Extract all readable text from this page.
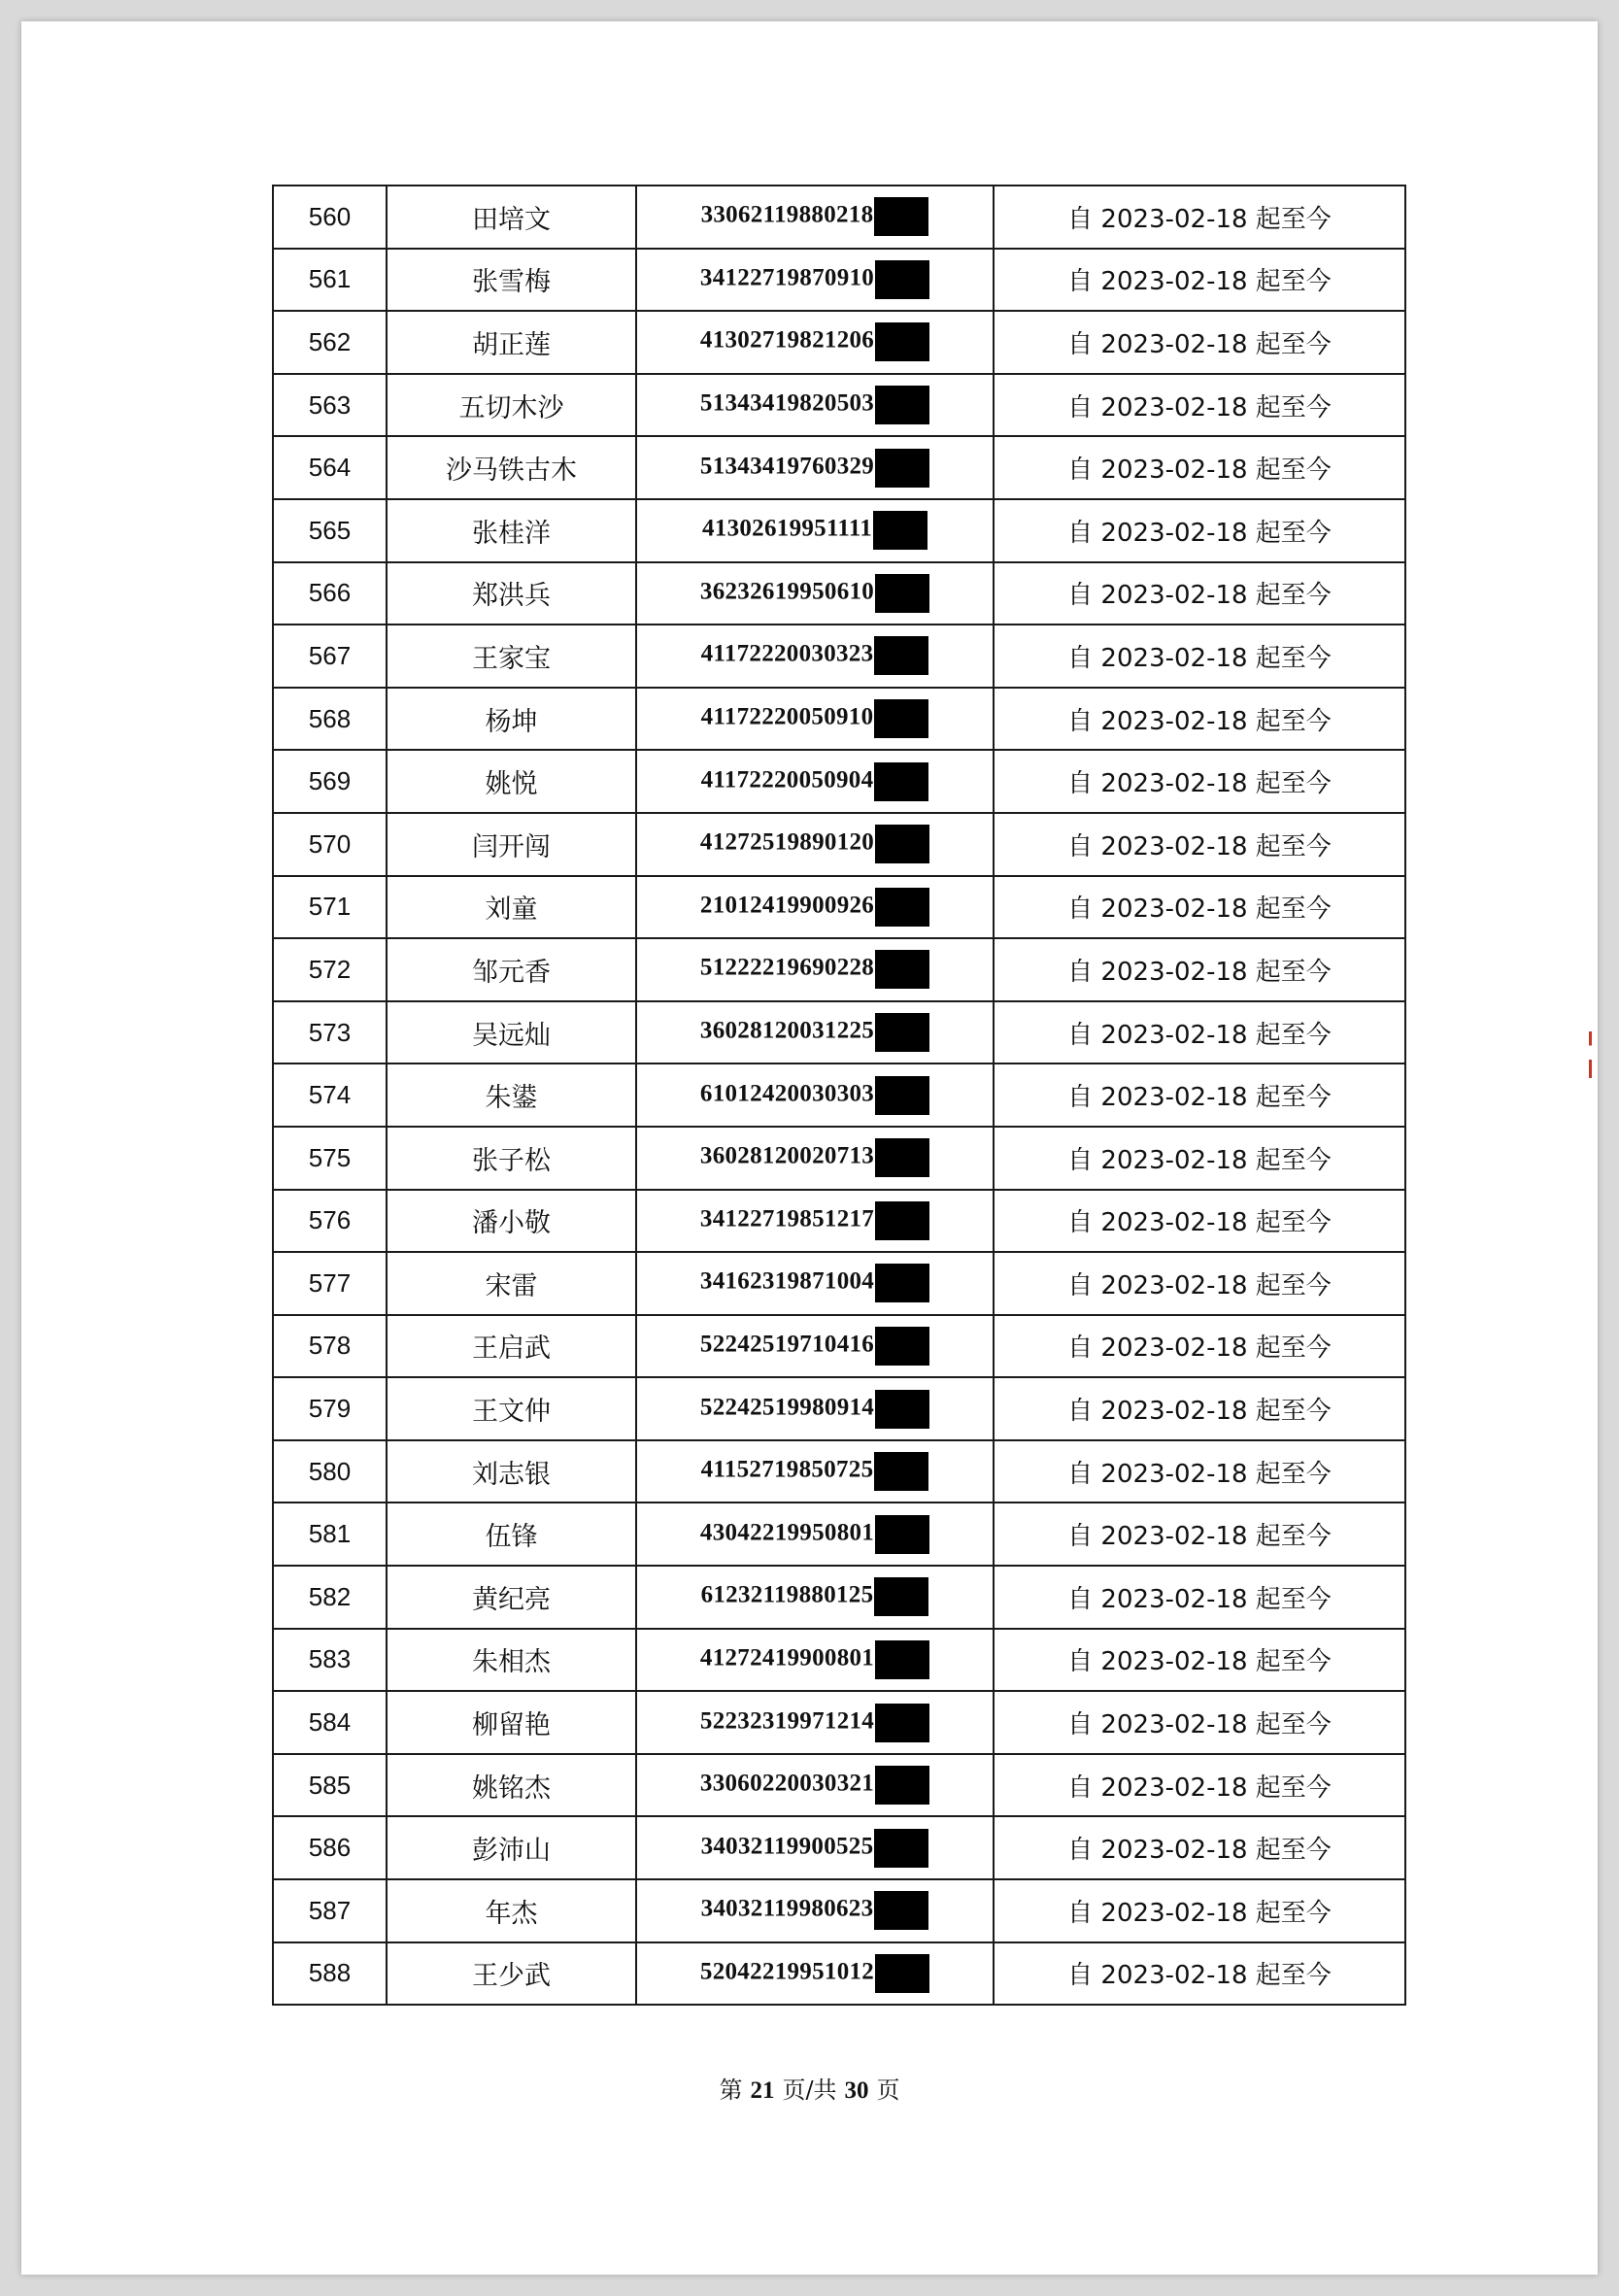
560	田培文	33062119880218	自 2023-02-18 起至今
561	张雪梅	34122719870910	自 2023-02-18 起至今
562	胡正莲	41302719821206	自 2023-02-18 起至今
563	五切木沙	51343419820503	自 2023-02-18 起至今
564	沙马铁古木	51343419760329	自 2023-02-18 起至今
565	张桂洋	41302619951111	自 2023-02-18 起至今
566	郑洪兵	36232619950610	自 2023-02-18 起至今
567	王家宝	41172220030323	自 2023-02-18 起至今
568	杨坤	41172220050910	自 2023-02-18 起至今
569	姚悦	41172220050904	自 2023-02-18 起至今
570	闫开闯	41272519890120	自 2023-02-18 起至今
571	刘童	21012419900926	自 2023-02-18 起至今
572	邹元香	51222219690228	自 2023-02-18 起至今
573	吴远灿	36028120031225	自 2023-02-18 起至今
574	朱鍙	61012420030303	自 2023-02-18 起至今
575	张子松	36028120020713	自 2023-02-18 起至今
576	潘小敬	34122719851217	自 2023-02-18 起至今
577	宋雷	34162319871004	自 2023-02-18 起至今
578	王启武	52242519710416	自 2023-02-18 起至今
579	王文仲	52242519980914	自 2023-02-18 起至今
580	刘志银	41152719850725	自 2023-02-18 起至今
581	伍锋	43042219950801	自 2023-02-18 起至今
582	黄纪亮	61232119880125	自 2023-02-18 起至今
583	朱相杰	41272419900801	自 2023-02-18 起至今
584	柳留艳	52232319971214	自 2023-02-18 起至今
585	姚铭杰	33060220030321	自 2023-02-18 起至今
586	彭沛山	34032119900525	自 2023-02-18 起至今
587	年杰	34032119980623	自 2023-02-18 起至今
588	王少武	52042219951012	自 2023-02-18 起至今
第 21 页/共 30 页
